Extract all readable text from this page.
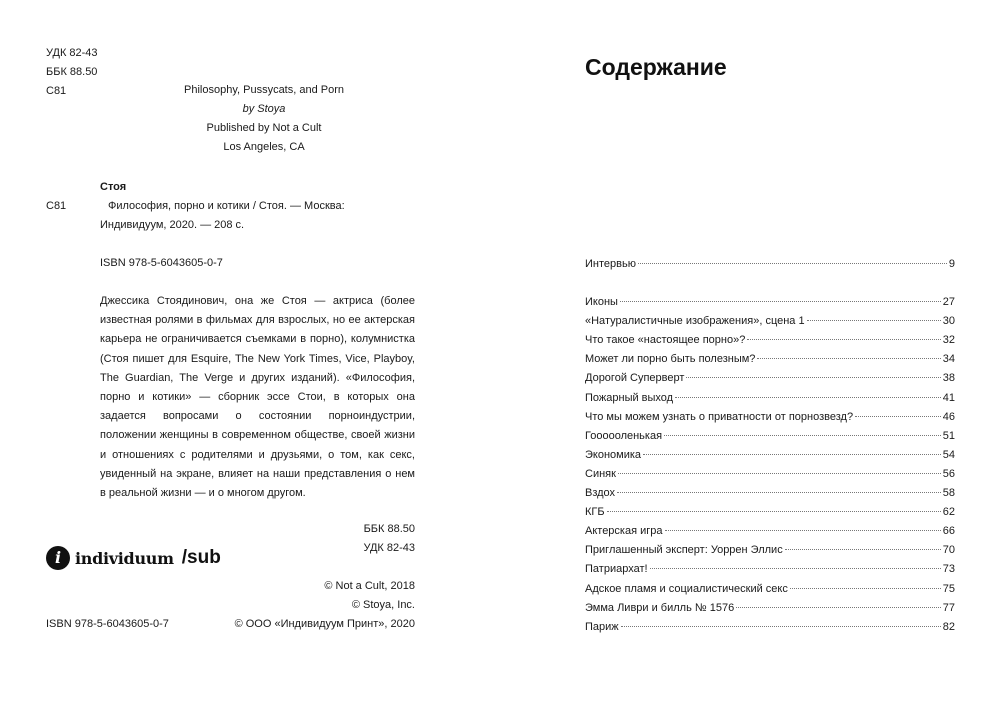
УДК 82-43
ББК 88.50
С81	Philosophy, Pussycats, and Porn
by Stoya
Published by Not a Cult
Los Angeles, CA
Стоя
С81	Философия, порно и котики / Стоя. — Москва:
Индивидуум, 2020. — 208 с.
ISBN 978-5-6043605-0-7
Джессика Стоядинович, она же Стоя — актриса (более известная ролями в фильмах для взрослых, но ее актерская карьера не ограничивается съемками в порно), колумнистка (Стоя пишет для Esquire, The New York Times, Vice, Playboy, The Guardian, The Verge и других изданий). «Философия, порно и котики» — сборник эссе Стои, в которых она задается вопросами о состоянии порноиндустрии, положении женщины в современном обществе, своей жизни и отношениях с родителями и друзьями, о том, как секс, увиденный на экране, влияет на наши представления о нем в реальной жизни — и о многом другом.
ББК 88.50
УДК 82-43
i individuum /sub
© Not a Cult, 2018
© Stoya, Inc.
© ООО «Индивидуум Принт», 2020
ISBN 978-5-6043605-0-7
Содержание
Интервью	9
Иконы	27
«Натуралистичные изображения», сцена 1	30
Что такое «настоящее порно»?	32
Может ли порно быть полезным?	34
Дорогой Суперверт	38
Пожарный выход	41
Что мы можем узнать о приватности от порнозвезд?	46
Гоооооленькая	51
Экономика	54
Синяк	56
Вздох	58
КГБ	62
Актерская игра	66
Приглашенный эксперт: Уоррен Эллис	70
Патриархат!	73
Адское пламя и социалистический секс	75
Эмма Ливри и билль № 1576	77
Париж	82
